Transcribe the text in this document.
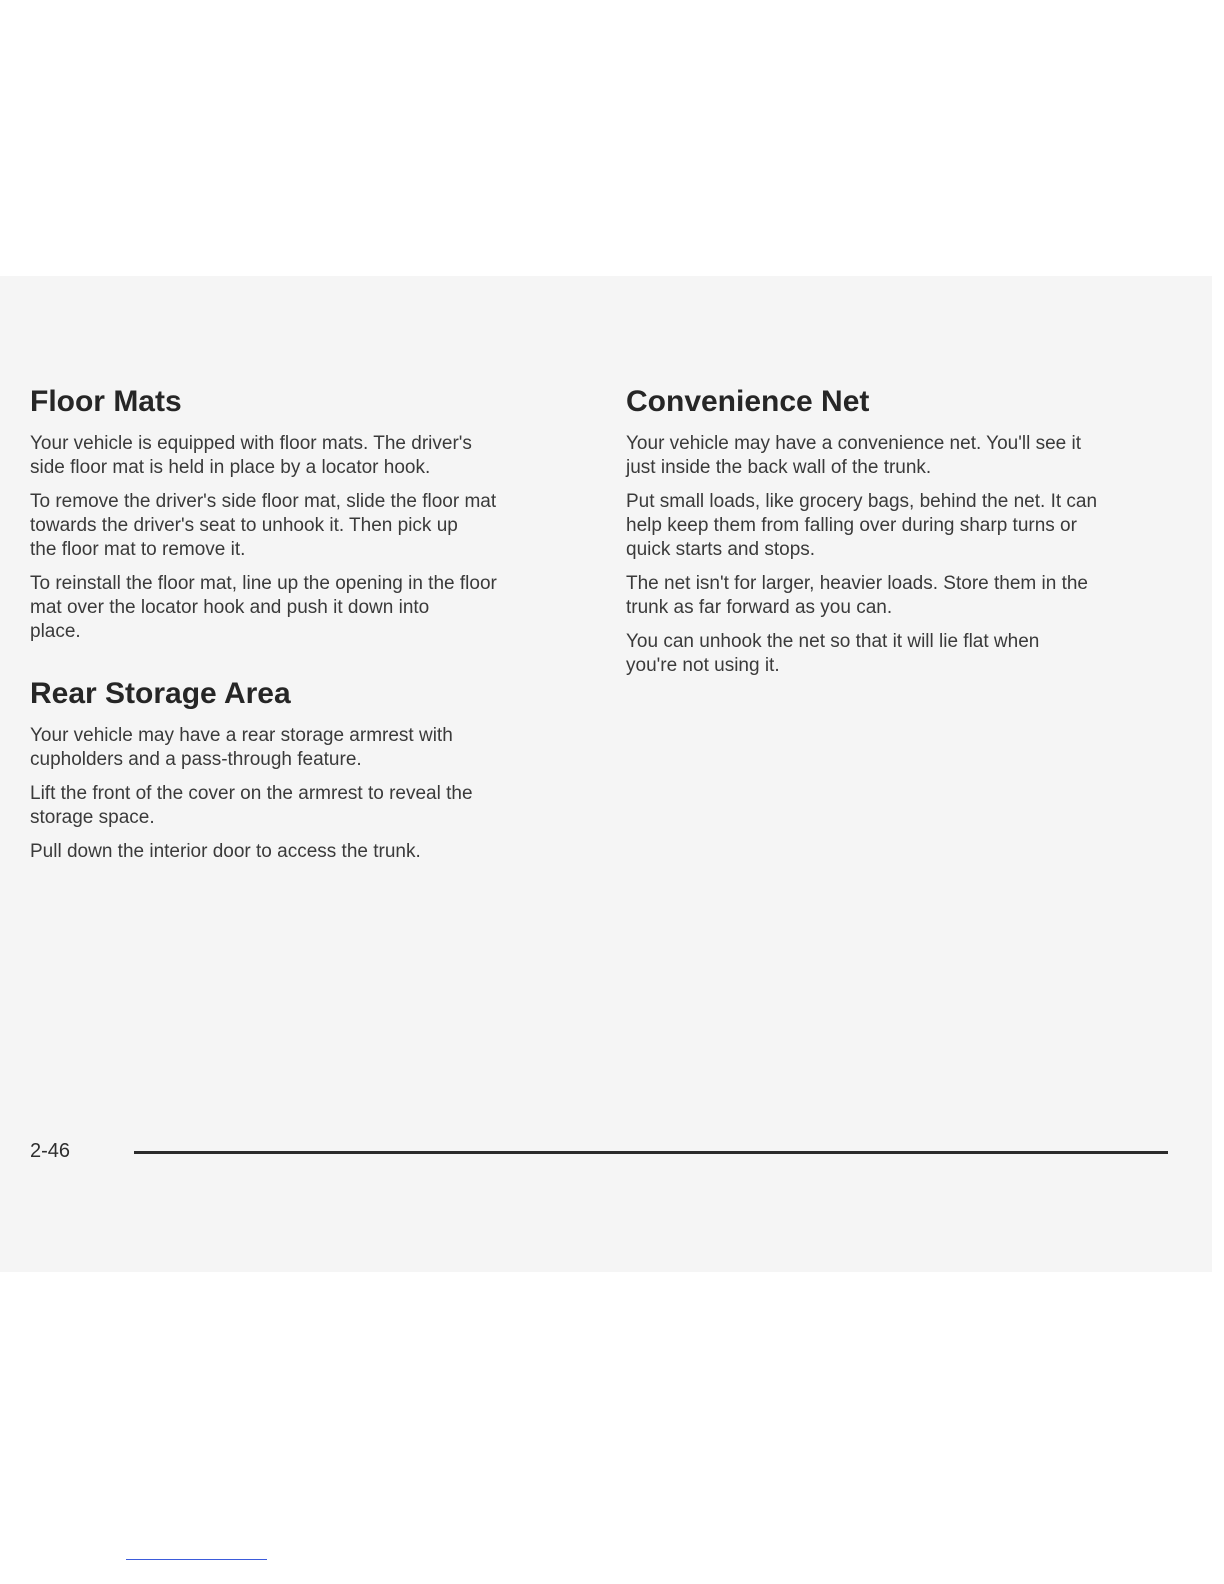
Floor Mats

Your vehicle is equipped with floor mats. The driver's
side floor mat is held in place by a locator hook.

To remove the driver's side floor mat, slide the floor mat
towards the driver's seat to unhook it. Then pick up
the floor mat to remove it.

To reinstall the floor mat, line up the opening in the floor
mat over the locator hook and push it down into
place.

Rear Storage Area

Your vehicle may have a rear storage armrest with
cupholders and a pass-through feature.

Lift the front of the cover on the armrest to reveal the
storage space.

Pull down the interior door to access the trunk.

Convenience Net

Your vehicle may have a convenience net. You'll see it
just inside the back wall of the trunk.

Put small loads, like grocery bags, behind the net. It can
help keep them from falling over during sharp turns or
quick starts and stops.

The net isn't for larger, heavier loads. Store them in the
trunk as far forward as you can.

You can unhook the net so that it will lie flat when
you're not using it.

2-46
